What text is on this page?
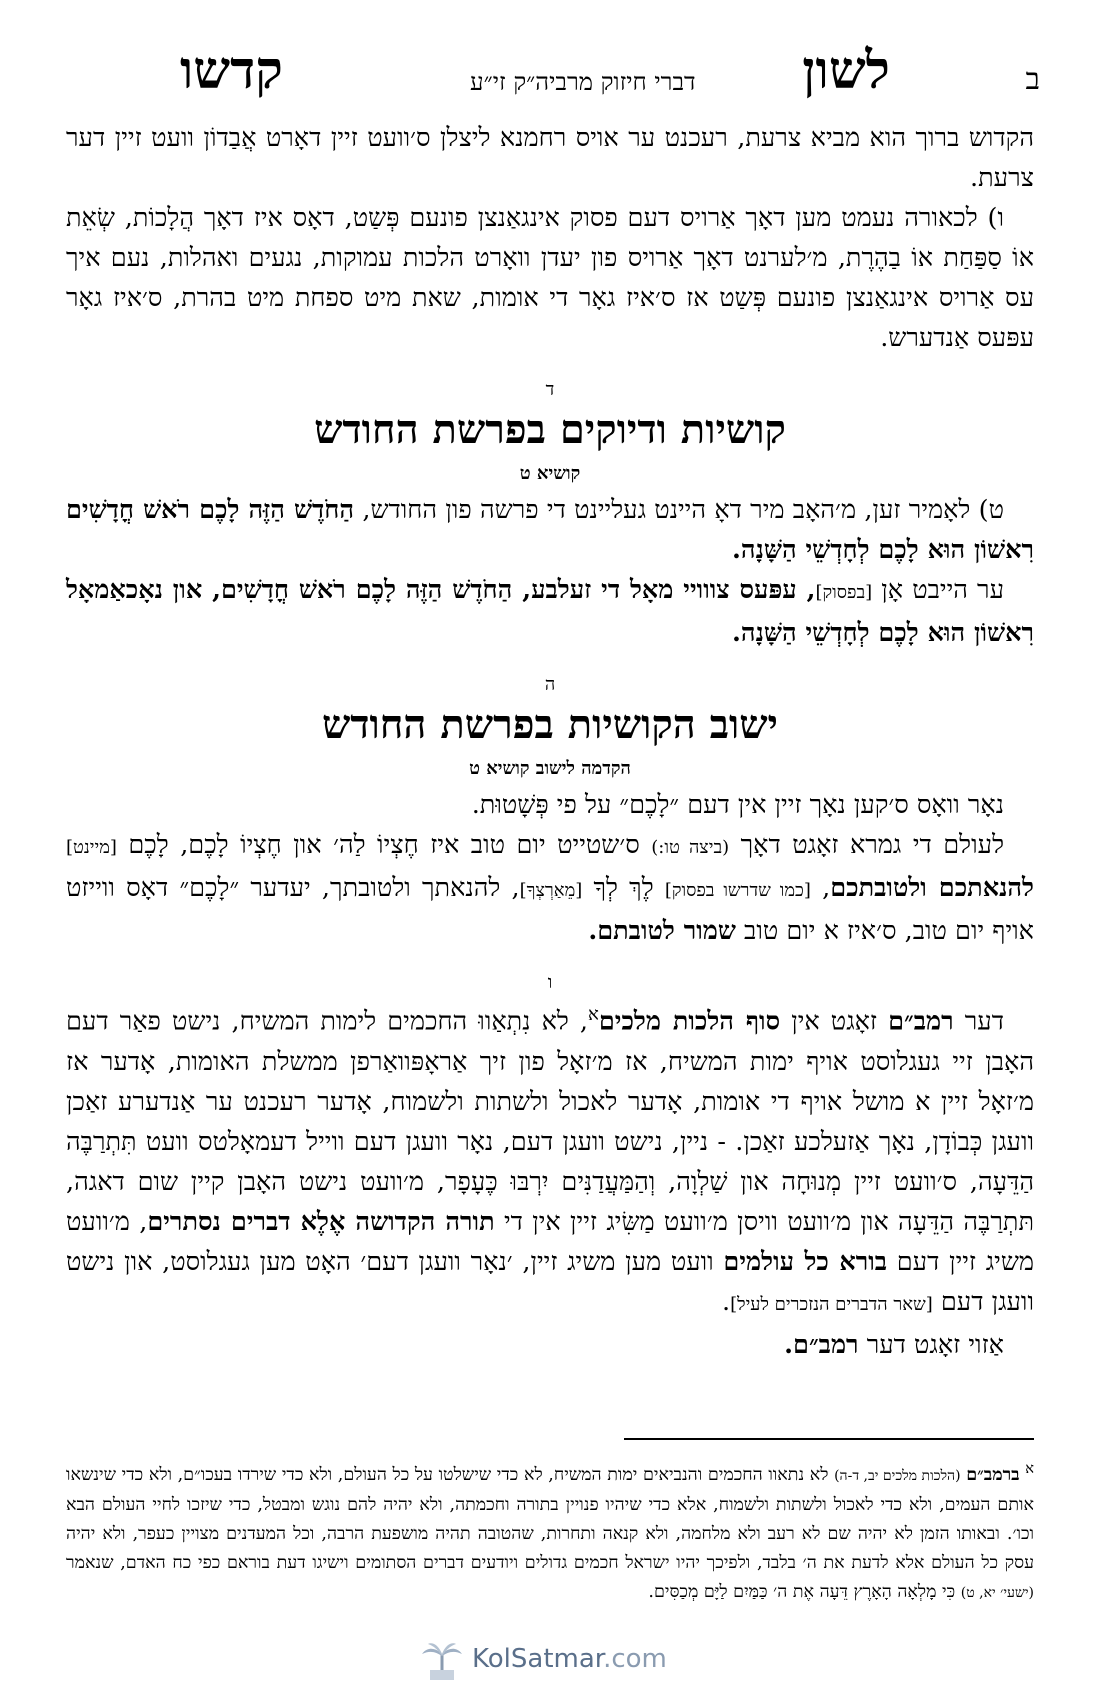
ב
לשון
דברי חיזוק מרביה״ק זי״ע
קדשו

הקדוש ברוך הוא מביא צרעת, רעכנט ער אויס רחמנא ליצלן ס׳וועט זיין דאָרט אֲבַדוֹן וועט זיין דער צרעת.

ו) לכאורה נעמט מען דאָך אַרויס דעם פסוק אינגאַנצן פונעם פְּשַט, דאָס איז דאָך הֲלָכוֹת, שְׂאֵת אוֹ סַפַּחַת אוֹ בַהֶרֶת, מ׳לערנט דאָך אַרויס פון יעדן וואָרט הלכות עמוקות, נגעים ואהלות, נעם איך עס אַרויס אינגאַנצן פונעם פְּשַט אז ס׳איז גאָר די אומות, שאת מיט ספחת מיט בהרת, ס׳איז גאָר עפּעס אַנדערש.

ד
קושיות ודיוקים בפרשת החודש
קושיא ט

ט) לאָמיר זען, מ׳האָב מיר דאָ היינט געליינט די פרשה פון החודש, הַחֹדֶשׁ הַזֶּה לָכֶם רֹאשׁ חֳדָשִׁים רִאשׁוֹן הוּא לָכֶם לְחָדְשֵׁי הַשָּׁנָה.

ער הייבט אָן [בפסוק], עפּעס צווויי מאָל די זעלבע, הַחֹדֶשׁ הַזֶּה לָכֶם רֹאשׁ חֳדָשִׁים, און נאָכאַמאָל רִאשׁוֹן הוּא לָכֶם לְחָדְשֵׁי הַשָּׁנָה.

ה
ישוב הקושיות בפרשת החודש
הקדמה לישוב קושיא ט

נאָר וואָס ס׳קען נאָך זיין אין דעם ״לָכֶם״ על פי פְּשָׁטוּת.

לעולם די גמרא זאָגט דאָך (ביצה טו:) ס׳שטייט יום טוב איז חֶצְיוֹ לַה׳ און חֶצְיוֹ לָכֶם, לָכֶם [מיינט] להנאתכם ולטובתכם, [כמו שדרשו בפסוק] לֶךְ לְךָ [מֵאַרְצְךָ], להנאתך ולטובתך, יעדער ״לָכֶם״ דאָס ווייזט אויף יום טוב, ס׳איז א יום טוב שמור לטובתם.

ו

דער רמב״ם זאָגט אין סוף הלכות מלכים$^א$, לא נִתְאַווּ החכמים לימות המשיח, נישט פאַר דעם האָבן זיי געגלוסט אויף ימות המשיח, אז מ׳זאָל פון זיך אַראָפּוואַרפן ממשלת האומות, אָדער אז מ׳זאָל זיין א מושל אויף די אומות, אָדער לאכול ולשתות ולשמוח, אָדער רעכנט ער אַנדערע זאַכן וועגן כְּבוֹדָן, נאָך אַזעלכע זאַכן. - ניין, נישט וועגן דעם, נאָר וועגן דעם ווייל דעמאָלטס וועט תִּתְרַבֶּה הַדֵּעָה, ס׳וועט זיין מְנוּחָה און שַׁלְוָה, וְהַמַּעֲדַנִּים יִרְבּוּ כֶּעָפָר, מ׳וועט נישט האָבן קיין שום דאגה, תּתְרַבֶּה הַדֵּעָה און מ׳וועט וויסן מ׳וועט מַשִּׂיג זיין אין די תורה הקדושה אֶלֶא דברים נסתרים, מ׳וועט משיג זיין דעם בורא כל עולמים וועט מען משיג זיין, ׳נאָר וועגן דעם׳ האָט מען געגלוסט, און נישט וועגן דעם [שאר הדברים הנזכרים לעיל].

אַזוי זאָגט דער רמב״ם.

$^א$ ברמב״ם (הלכות מלכים יב, ד-ה) לא נתאוו החכמים והנביאים ימות המשיח, לא כדי שישלטו על כל העולם, ולא כדי שירדו בעכו״ם, ולא כדי שינשאו אותם העמים, ולא כדי לאכול ולשתות ולשמוח, אלא כדי שיהיו פנויין בתורה וחכמתה, ולא יהיה להם נוגש ומבטל, כדי שיזכו לחיי העולם הבא וכו׳. ובאותו הזמן לא יהיה שם לא רעב ולא מלחמה, ולא קנאה ותחרות, שהטובה תהיה מושפעת הרבה, וכל המעדנים מצויין כעפר, ולא יהיה עסק כל העולם אלא לדעת את ה׳ בלבד, ולפיכך יהיו ישראל חכמים גדולים ויודעים דברים הסתומים וישיגו דעת בוראם כפי כח האדם, שנאמר (ישעי׳ יא, ט) כִּי מָלְאָה הָאָרֶץ דֵּעָה אֶת ה׳ כַּמַּיִם לַיָּם מְכַסִּים.

KolSatmar.com
